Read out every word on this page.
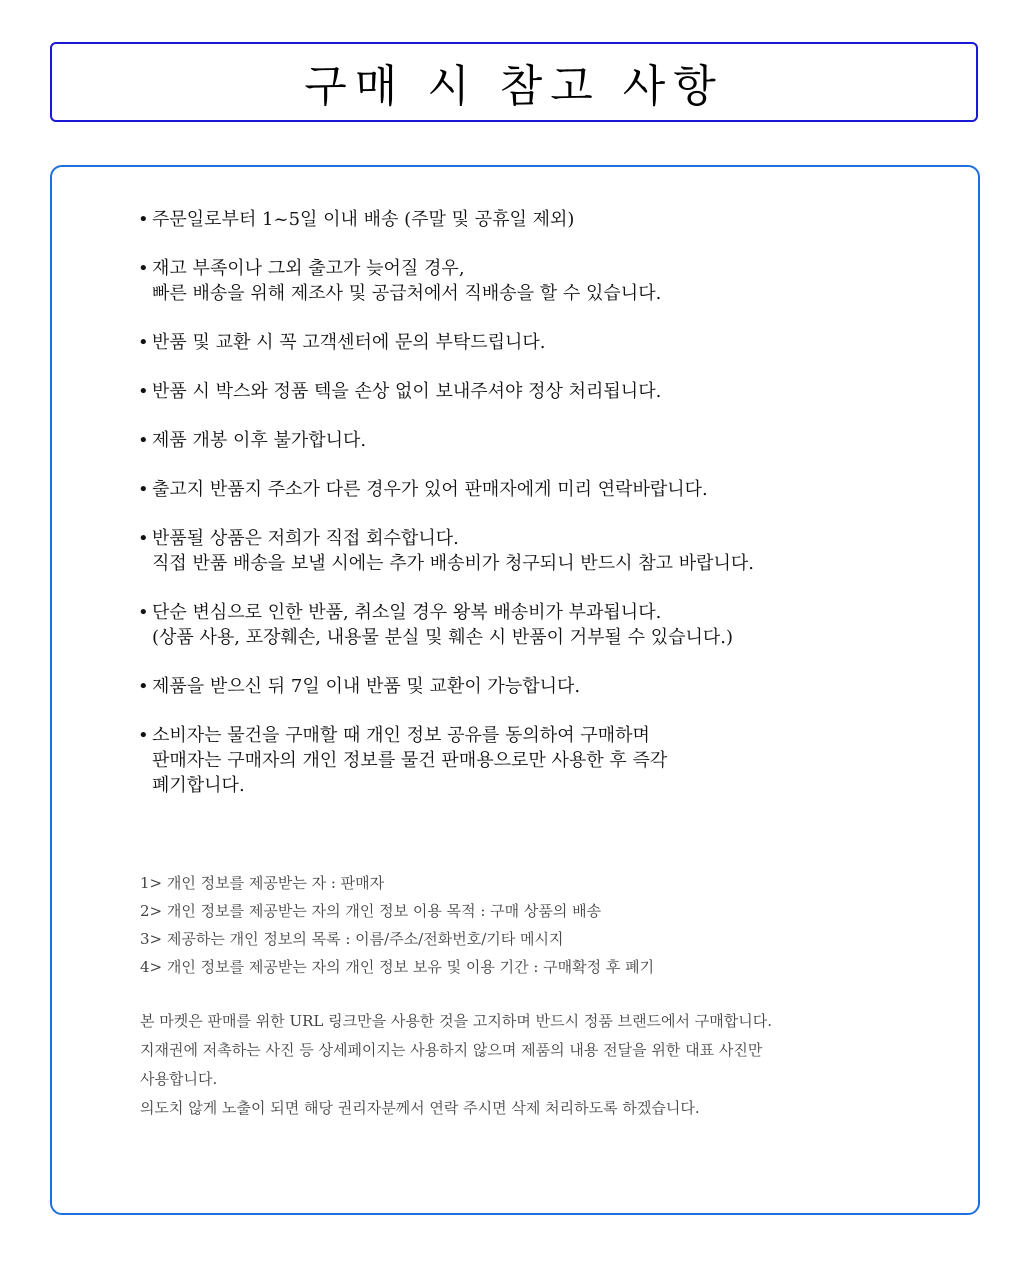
구매 시 참고 사항
• 주문일로부터 1~5일 이내 배송 (주말 및 공휴일 제외)
• 재고 부족이나 그외 출고가 늦어질 경우,
빠른 배송을 위해 제조사 및 공급처에서 직배송을 할 수 있습니다.
• 반품 및 교환 시 꼭 고객센터에 문의 부탁드립니다.
• 반품 시 박스와 정품 텍을 손상 없이 보내주셔야 정상 처리됩니다.
• 제품 개봉 이후 불가합니다.
• 출고지 반품지 주소가 다른 경우가 있어 판매자에게 미리 연락바랍니다.
• 반품될 상품은 저희가 직접 회수합니다.
직접 반품 배송을 보낼 시에는 추가 배송비가 청구되니 반드시 참고 바랍니다.
• 단순 변심으로 인한 반품, 취소일 경우 왕복 배송비가 부과됩니다.
(상품 사용, 포장훼손, 내용물 분실 및 훼손 시 반품이 거부될 수 있습니다.)
• 제품을 받으신 뒤 7일 이내 반품 및 교환이 가능합니다.
• 소비자는 물건을 구매할 때 개인 정보 공유를 동의하여 구매하며
판매자는 구매자의 개인 정보를 물건 판매용으로만 사용한 후 즉각
폐기합니다.
1> 개인 정보를 제공받는 자 : 판매자
2> 개인 정보를 제공받는 자의 개인 정보 이용 목적 : 구매 상품의 배송
3> 제공하는 개인 정보의 목록 : 이름/주소/전화번호/기타 메시지
4> 개인 정보를 제공받는 자의 개인 정보 보유 및 이용 기간 : 구매확정 후 폐기
본 마켓은 판매를 위한 URL 링크만을 사용한 것을 고지하며 반드시 정품 브랜드에서 구매합니다.
지재권에 저촉하는 사진 등 상세페이지는 사용하지 않으며 제품의 내용 전달을 위한 대표 사진만
사용합니다.
의도치 않게 노출이 되면 해당 권리자분께서 연락 주시면 삭제 처리하도록 하겠습니다.
